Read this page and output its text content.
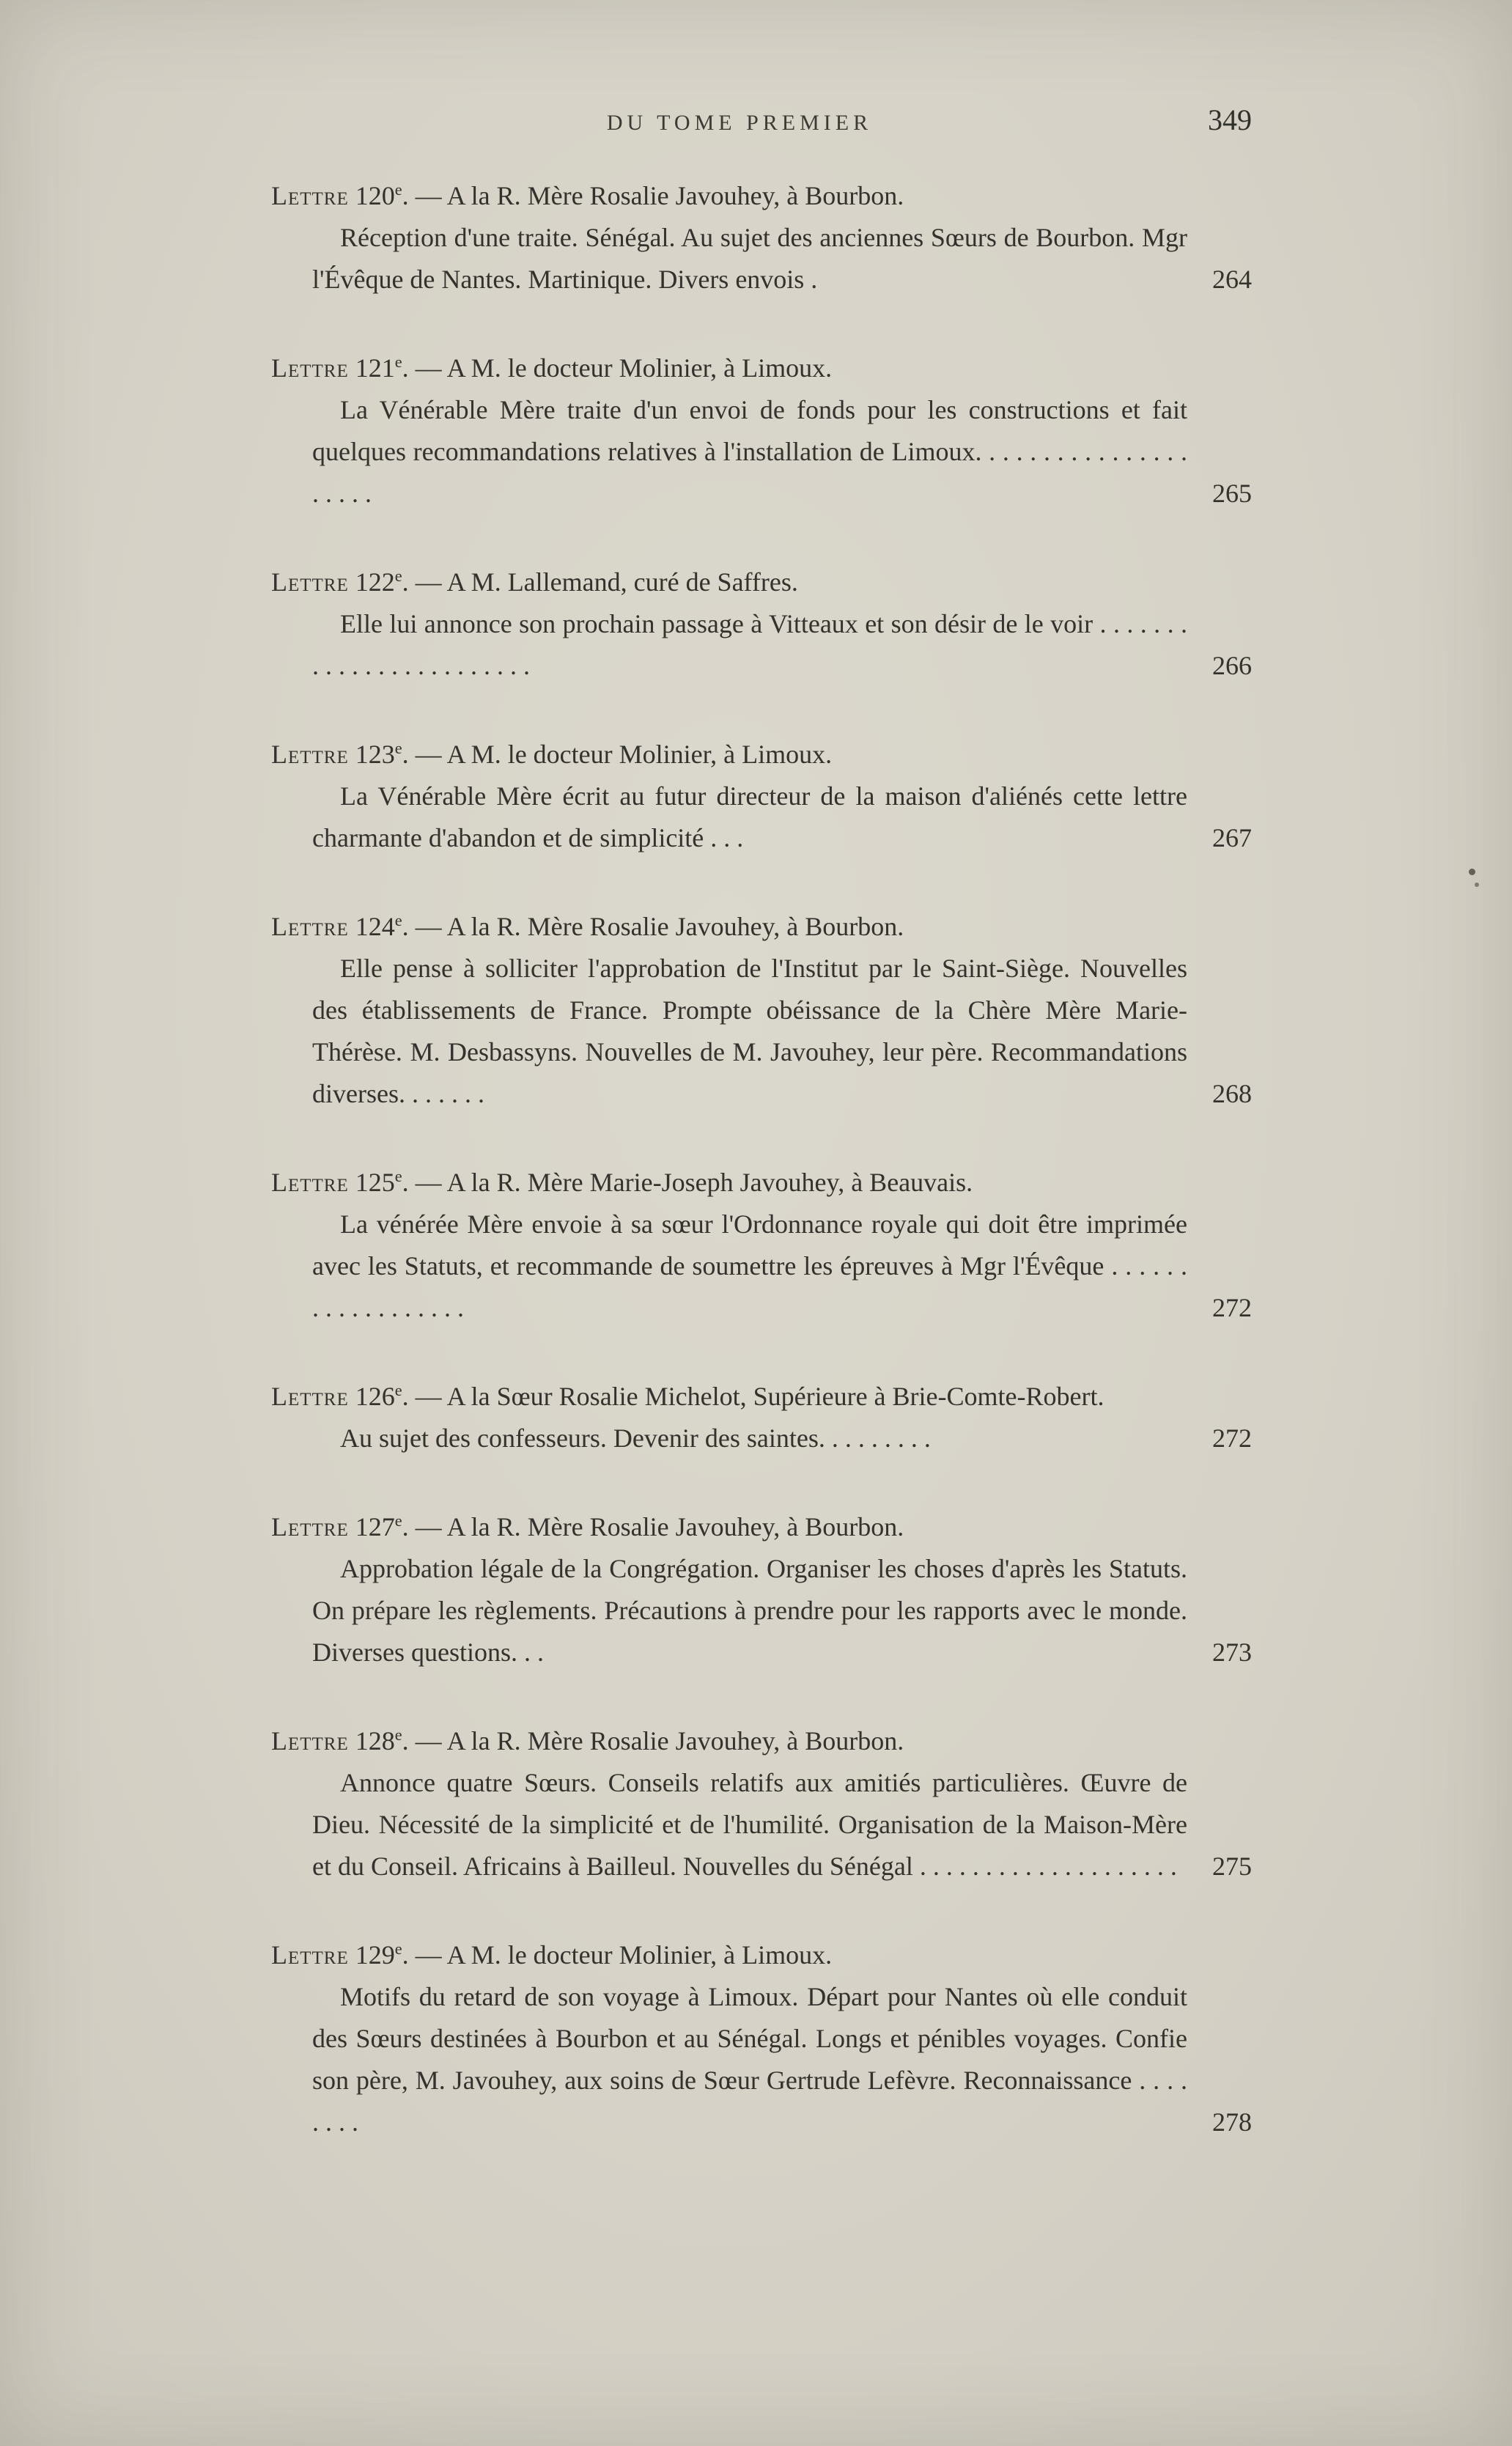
DU TOME PREMIER	349

Lettre 120e. — A la R. Mère Rosalie Javouhey, à Bourbon.

Réception d'une traite. Sénégal. Au sujet des anciennes Sœurs de Bourbon. Mgr l'Évêque de Nantes. Martinique. Divers envois .	264

Lettre 121e. — A M. le docteur Molinier, à Limoux.

La Vénérable Mère traite d'un envoi de fonds pour les constructions et fait quelques recommandations relatives à l'installation de Limoux. . . . . . . . . . . . . . . . . . . . .	265

Lettre 122e. — A M. Lallemand, curé de Saffres.

Elle lui annonce son prochain passage à Vitteaux et son désir de le voir . . . . . . . . . . . . . . . . . . . . . . . .	266

Lettre 123e. — A M. le docteur Molinier, à Limoux.

La Vénérable Mère écrit au futur directeur de la maison d'aliénés cette lettre charmante d'abandon et de simplicité . . .	267

Lettre 124e. — A la R. Mère Rosalie Javouhey, à Bourbon.

Elle pense à solliciter l'approbation de l'Institut par le Saint-Siège. Nouvelles des établissements de France. Prompte obéissance de la Chère Mère Marie-Thérèse. M. Desbassyns. Nouvelles de M. Javouhey, leur père. Recommandations diverses. . . . . . .	268

Lettre 125e. — A la R. Mère Marie-Joseph Javouhey, à Beauvais.

La vénérée Mère envoie à sa sœur l'Ordonnance royale qui doit être imprimée avec les Statuts, et recommande de soumettre les épreuves à Mgr l'Évêque . . . . . . . . . . . . . . . . . .	272

Lettre 126e. — A la Sœur Rosalie Michelot, Supérieure à Brie-Comte-Robert.

Au sujet des confesseurs. Devenir des saintes. . . . . . . . .	272

Lettre 127e. — A la R. Mère Rosalie Javouhey, à Bourbon.

Approbation légale de la Congrégation. Organiser les choses d'après les Statuts. On prépare les règlements. Précautions à prendre pour les rapports avec le monde. Diverses questions. . .	273

Lettre 128e. — A la R. Mère Rosalie Javouhey, à Bourbon.

Annonce quatre Sœurs. Conseils relatifs aux amitiés particulières. Œuvre de Dieu. Nécessité de la simplicité et de l'humilité. Organisation de la Maison-Mère et du Conseil. Africains à Bailleul. Nouvelles du Sénégal . . . . . . . . . . . . . . . . . . . . 275

Lettre 129e. — A M. le docteur Molinier, à Limoux.

Motifs du retard de son voyage à Limoux. Départ pour Nantes où elle conduit des Sœurs destinées à Bourbon et au Sénégal. Longs et pénibles voyages. Confie son père, M. Javouhey, aux soins de Sœur Gertrude Lefèvre. Reconnaissance . . . . . . . .	278
